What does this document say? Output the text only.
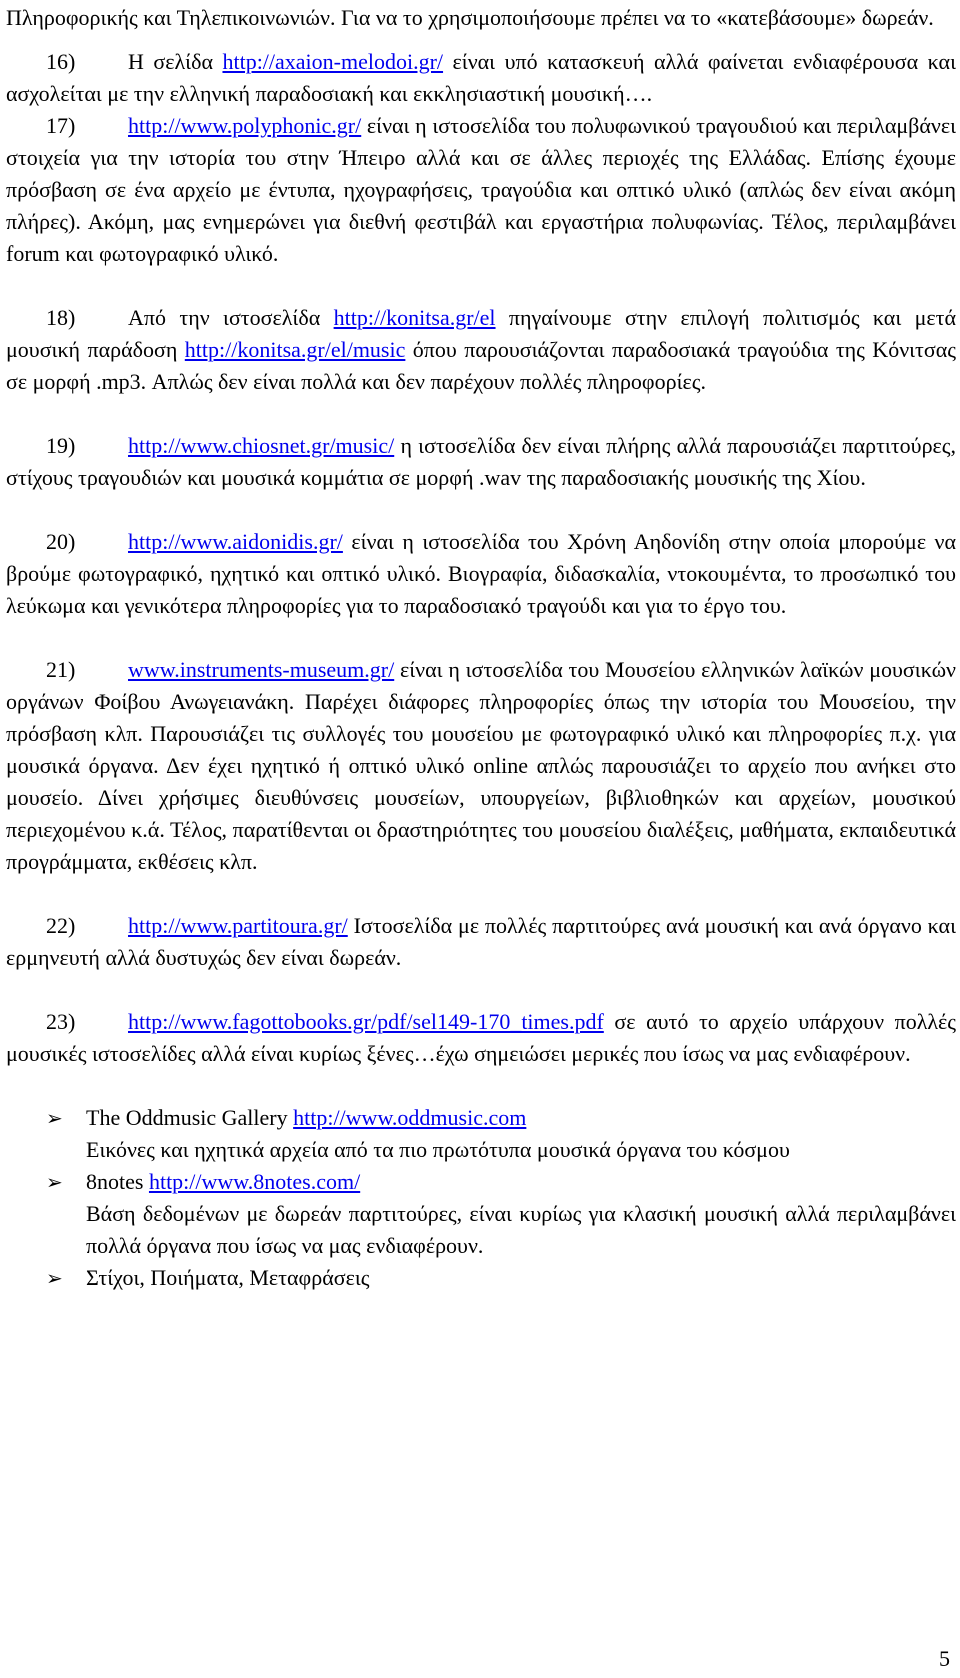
Πληροφορικής και Τηλεπικοινωνιών. Για να το χρησιμοποιήσουμε πρέπει να το «κατεβάσουμε» δωρεάν.

16) Η σελίδα http://axaion-melodoi.gr/ είναι υπό κατασκευή αλλά φαίνεται ενδιαφέρουσα και ασχολείται με την ελληνική παραδοσιακή και εκκλησιαστική μουσική….

17) http://www.polyphonic.gr/ είναι η ιστοσελίδα του πολυφωνικού τραγουδιού και περιλαμβάνει στοιχεία για την ιστορία του στην Ήπειρο αλλά και σε άλλες περιοχές της Ελλάδας. Επίσης έχουμε πρόσβαση σε ένα αρχείο με έντυπα, ηχογραφήσεις, τραγούδια και οπτικό υλικό (απλώς δεν είναι ακόμη πλήρες). Ακόμη, μας ενημερώνει για διεθνή φεστιβάλ και εργαστήρια πολυφωνίας. Τέλος, περιλαμβάνει forum και φωτογραφικό υλικό.

18) Από την ιστοσελίδα http://konitsa.gr/el πηγαίνουμε στην επιλογή πολιτισμός και μετά μουσική παράδοση http://konitsa.gr/el/music όπου παρουσιάζονται παραδοσιακά τραγούδια της Κόνιτσας σε μορφή .mp3. Απλώς δεν είναι πολλά και δεν παρέχουν πολλές πληροφορίες.

19) http://www.chiosnet.gr/music/ η ιστοσελίδα δεν είναι πλήρης αλλά παρουσιάζει παρτιτούρες, στίχους τραγουδιών και μουσικά κομμάτια σε μορφή .wav της παραδοσιακής μουσικής της Χίου.

20) http://www.aidonidis.gr/ είναι η ιστοσελίδα του Χρόνη Αηδονίδη στην οποία μπορούμε να βρούμε φωτογραφικό, ηχητικό και οπτικό υλικό. Βιογραφία, διδασκαλία, ντοκουμέντα, το προσωπικό του λεύκωμα και γενικότερα πληροφορίες για το παραδοσιακό τραγούδι και για το έργο του.

21) www.instruments-museum.gr/ είναι η ιστοσελίδα του Μουσείου ελληνικών λαϊκών μουσικών οργάνων Φοίβου Ανωγειανάκη. Παρέχει διάφορες πληροφορίες όπως την ιστορία του Μουσείου, την πρόσβαση κλπ. Παρουσιάζει τις συλλογές του μουσείου με φωτογραφικό υλικό και πληροφορίες π.χ. για μουσικά όργανα. Δεν έχει ηχητικό ή οπτικό υλικό online απλώς παρουσιάζει το αρχείο που ανήκει στο μουσείο. Δίνει χρήσιμες διευθύνσεις μουσείων, υπουργείων, βιβλιοθηκών και αρχείων, μουσικού περιεχομένου κ.ά. Τέλος, παρατίθενται οι δραστηριότητες του μουσείου διαλέξεις, μαθήματα, εκπαιδευτικά προγράμματα, εκθέσεις κλπ.

22) http://www.partitoura.gr/ Ιστοσελίδα με πολλές παρτιτούρες ανά μουσική και ανά όργανο και ερμηνευτή αλλά δυστυχώς δεν είναι δωρεάν.

23) http://www.fagottobooks.gr/pdf/sel149-170_times.pdf σε αυτό το αρχείο υπάρχουν πολλές μουσικές ιστοσελίδες αλλά είναι κυρίως ξένες…έχω σημειώσει μερικές που ίσως να μας ενδιαφέρουν.

➢ The Oddmusic Gallery http://www.oddmusic.com

Εικόνες και ηχητικά αρχεία από τα πιο πρωτότυπα μουσικά όργανα του κόσμου

➢ 8notes http://www.8notes.com/

Βάση δεδομένων με δωρεάν παρτιτούρες, είναι κυρίως για κλασική μουσική αλλά περιλαμβάνει πολλά όργανα που ίσως να μας ενδιαφέρουν.

➢ Στίχοι, Ποιήματα, Μεταφράσεις

5
